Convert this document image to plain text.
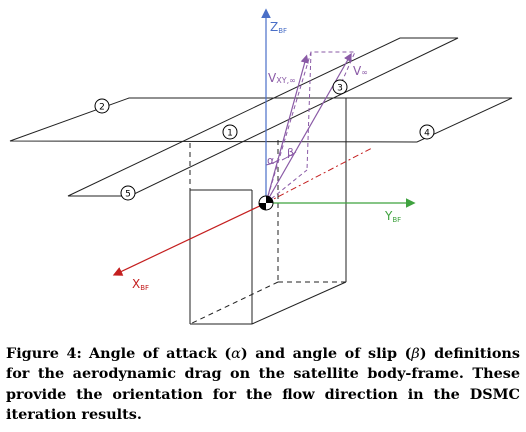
ZBF
YBF
XBF
V∞
VXY,∞
α
β
1
2
3
4
5

Figure 4: Angle of attack (α) and angle of slip (β) definitions for the aerodynamic drag on the satellite body-frame. These provide the orientation for the flow direction in the DSMC iteration results.
